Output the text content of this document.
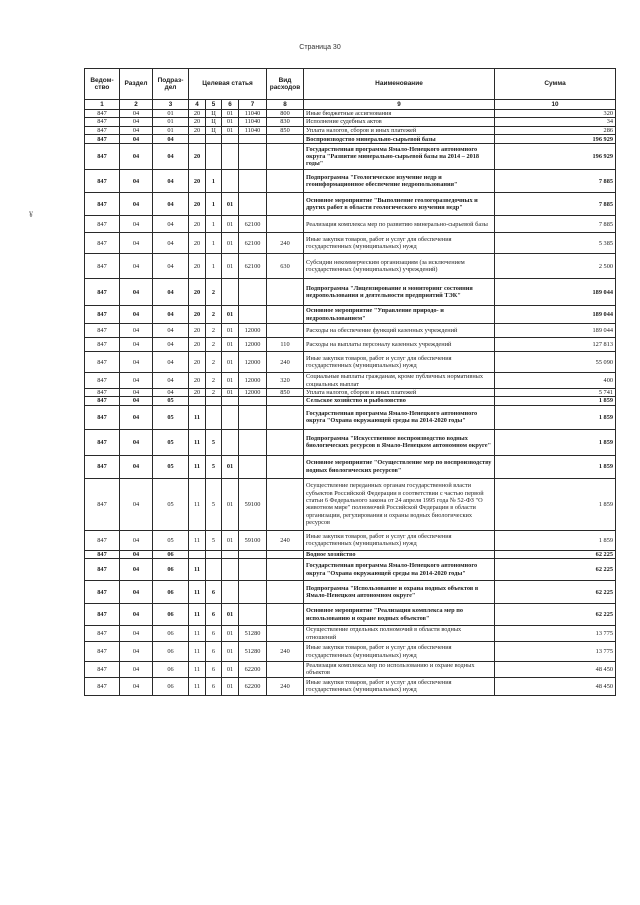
Страница 30
¥
Ведом-ство	Раздел	Подраз-дел	Целевая статья				Вид расходов	Наименование	Сумма
1	2	3	4	5	6	7	8	9	10
847	04	01	20	Ц	01	11040	800	Иные бюджетные ассигнования	320
847	04	01	20	Ц	01	11040	830	Исполнение судебных актов	34
847	04	01	20	Ц	01	11040	850	Уплата налогов, сборов и иных платежей	286
847	04	04						Воспроизводство минерально-сырьевой базы	196 929
847	04	04	20					Государственная программа Ямало-Ненецкого автономного округа "Развитие минерально-сырьевой базы на 2014 – 2018 годы"	196 929
847	04	04	20	1				Подпрограмма "Геологическое изучение недр и геоинформационное обеспечение недропользования"	7 885
847	04	04	20	1	01			Основное мероприятие "Выполнение геологоразведочных и других работ в области геологического изучения недр"	7 885
847	04	04	20	1	01	62100		Реализация комплекса мер по развитию минерально-сырьевой базы	7 885
847	04	04	20	1	01	62100	240	Иные закупки товаров, работ и услуг для обеспечения государственных (муниципальных) нужд	5 385
847	04	04	20	1	01	62100	630	Субсидии некоммерческим организациям (за исключением государственных (муниципальных) учреждений)	2 500
847	04	04	20	2				Подпрограмма "Лицензирование и мониторинг состояния недропользования и деятельности предприятий ТЭК"	189 044
847	04	04	20	2	01			Основное мероприятие "Управление природо- и недропользованием"	189 044
847	04	04	20	2	01	12000		Расходы на обеспечение функций казенных учреждений	189 044
847	04	04	20	2	01	12000	110	Расходы на выплаты персоналу казенных учреждений	127 813
847	04	04	20	2	01	12000	240	Иные закупки товаров, работ и услуг для обеспечения государственных (муниципальных) нужд	55 090
847	04	04	20	2	01	12000	320	Социальные выплаты гражданам, кроме публичных нормативных социальных выплат	400
847	04	04	20	2	01	12000	850	Уплата налогов, сборов и иных платежей	5 741
847	04	05						Сельское хозяйство и рыболовство	1 859
847	04	05	11					Государственная программа Ямало-Ненецкого автономного округа "Охрана окружающей среды на 2014-2020 годы"	1 859
847	04	05	11	5				Подпрограмма "Искусственное воспроизводство водных биологических ресурсов в Ямало-Ненецком автономном округе"	1 859
847	04	05	11	5	01			Основное мероприятие "Осуществление мер по воспроизводству водных биологических ресурсов"	1 859
847	04	05	11	5	01	59100		Осуществление переданных органам государственной власти субъектов Российской Федерации в соответствии с частью первой статьи 6 Федерального закона от 24 апреля 1995 года № 52-ФЗ "О животном мире" полномочий Российской Федерации в области организации, регулирования и охраны водных биологических ресурсов	1 859
847	04	05	11	5	01	59100	240	Иные закупки товаров, работ и услуг для обеспечения государственных (муниципальных) нужд	1 859
847	04	06						Водное хозяйство	62 225
847	04	06	11					Государственная программа Ямало-Ненецкого автономного округа "Охрана окружающей среды на 2014-2020 годы"	62 225
847	04	06	11	6				Подпрограмма "Использование и охрана водных объектов в Ямало-Ненецком автономном округе"	62 225
847	04	06	11	6	01			Основное мероприятие "Реализация комплекса мер по использованию и охране водных объектов"	62 225
847	04	06	11	6	01	51280		Осуществление отдельных полномочий в области водных отношений	13 775
847	04	06	11	6	01	51280	240	Иные закупки товаров, работ и услуг для обеспечения государственных (муниципальных) нужд	13 775
847	04	06	11	6	01	62200		Реализация комплекса мер по использованию и охране водных объектов	48 450
847	04	06	11	6	01	62200	240	Иные закупки товаров, работ и услуг для обеспечения государственных (муниципальных) нужд	48 450
